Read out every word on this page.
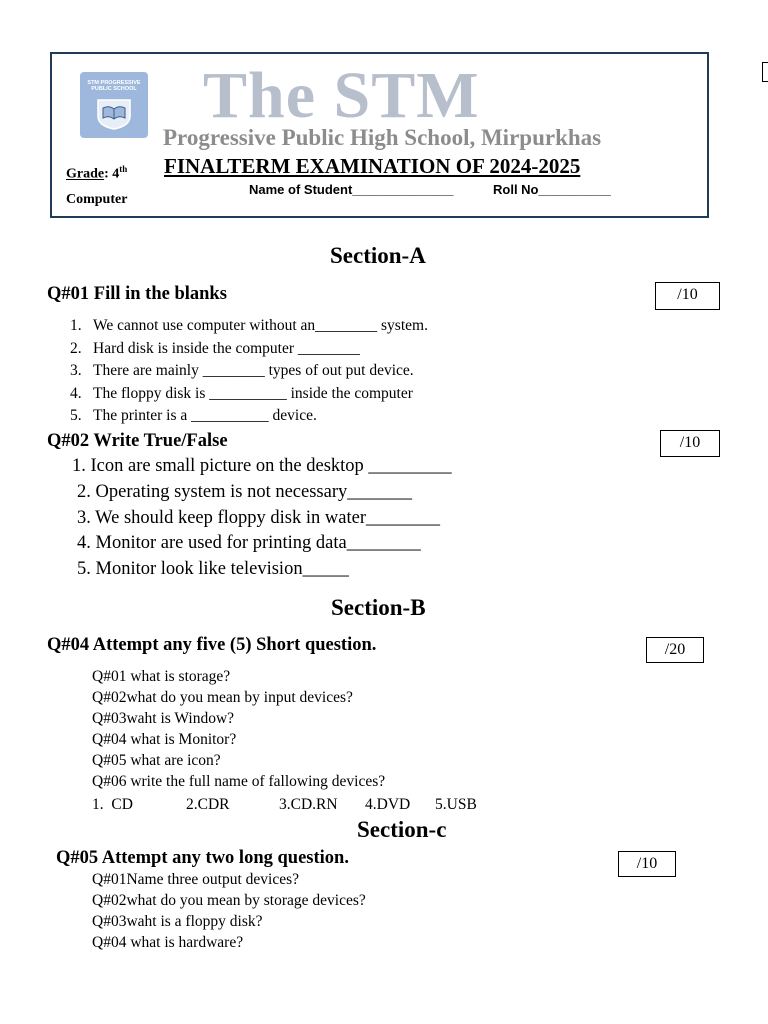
STM PROGRESSIVE PUBLIC SCHOOL The STM
Progressive Public High School, Mirpurkhas
FINALTERM EXAMINATION OF 2024-2025
Grade: 4th
Computer
Name of Student______________	Roll No__________
Section-A
Q#01 Fill in the blanks	/10
1. We cannot use computer without an________ system.
2. Hard disk is inside the computer ________
3. There are mainly ________ types of out put device.
4. The floppy disk is __________ inside the computer
5. The printer is a __________ device.
Q#02 Write True/False	/10
1. Icon are small picture on the desktop _________
2. Operating system is not necessary_______
3. We should keep floppy disk in water________
4. Monitor are used for printing data________
5. Monitor look like television_____
Section-B
Q#04 Attempt any five (5) Short question.	/20
Q#01 what is storage?
Q#02what do you mean by input devices?
Q#03waht is Window?
Q#04 what is Monitor?
Q#05 what are icon?
Q#06 write the full name of fallowing devices?
1.  CD	2.CDR	3.CD.RN 4.DVD 5.USB
Section-c
Q#05 Attempt any two long question.	/10
Q#01Name three output devices?
Q#02what do you mean by storage devices?
Q#03waht is a floppy disk?
Q#04 what is hardware?
